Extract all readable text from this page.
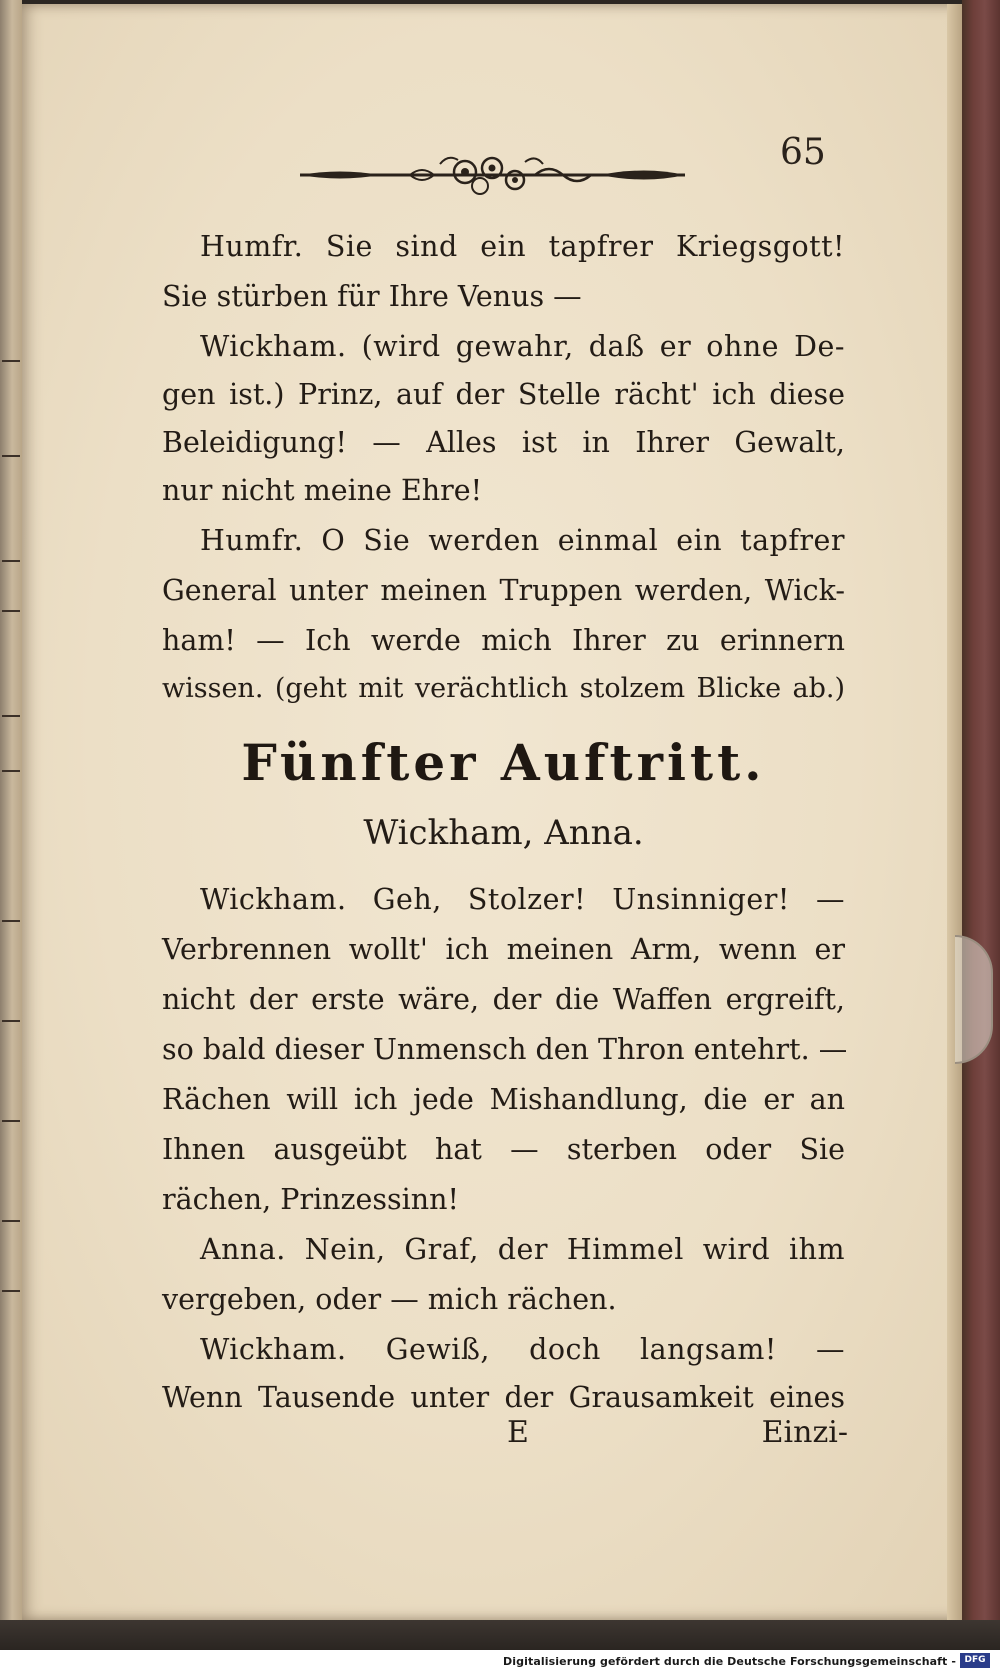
65
Humfr. Sie sind ein tapfrer Kriegsgott!
Sie stürben für Ihre Venus —
Wickham. (wird gewahr, daß er ohne De-
gen ist.) Prinz, auf der Stelle rächt' ich diese
Beleidigung! — Alles ist in Ihrer Gewalt,
nur nicht meine Ehre!
Humfr. O Sie werden einmal ein tapfrer
General unter meinen Truppen werden, Wick-
ham! — Ich werde mich Ihrer zu erinnern
wissen. (geht mit verächtlich stolzem Blicke ab.)
Fünfter Auftritt.
Wickham, Anna.
Wickham. Geh, Stolzer! Unsinniger! —
Verbrennen wollt' ich meinen Arm, wenn er
nicht der erste wäre, der die Waffen ergreift,
so bald dieser Unmensch den Thron entehrt. —
Rächen will ich jede Mishandlung, die er an
Ihnen ausgeübt hat — sterben oder Sie
rächen, Prinzessinn!
Anna. Nein, Graf, der Himmel wird ihm
vergeben, oder — mich rächen.
Wickham. Gewiß, doch langsam! —
Wenn Tausende unter der Grausamkeit eines
E	Einzi-
Digitalisierung gefördert durch die Deutsche Forschungsgemeinschaft - DFG
